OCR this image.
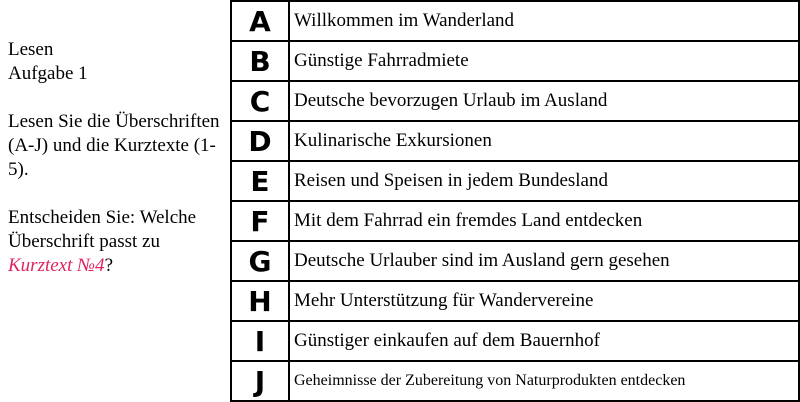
Lesen

Aufgabe 1

Lesen Sie die Überschriften (A-J) und die Kurztexte (1-5).

Entscheiden Sie: Welche Überschrift passt zu Kurztext №4?

A	Willkommen im Wanderland
B	Günstige Fahrradmiete
C	Deutsche bevorzugen Urlaub im Ausland
D	Kulinarische Exkursionen
E	Reisen und Speisen in jedem Bundesland
F	Mit dem Fahrrad ein fremdes Land entdecken
G	Deutsche Urlauber sind im Ausland gern gesehen
H	Mehr Unterstützung für Wandervereine
I	Günstiger einkaufen auf dem Bauernhof
J	Geheimnisse der Zubereitung von Naturprodukten entdecken
